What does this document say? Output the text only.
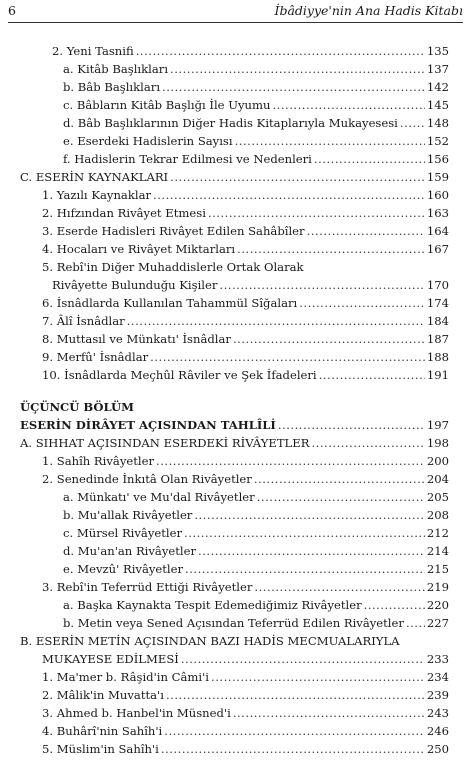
6	İbâdiyye'nin Ana Hadis Kitabı
2. Yeni Tasnifi .....	135
a. Kitâb Başlıkları .....	137
b. Bâb Başlıkları .....	142
c. Bâbların Kitâb Başlığı İle Uyumu .....	145
d. Bâb Başlıklarının Diğer Hadis Kitaplarıyla Mukayesesi ..... 148
e. Eserdeki Hadislerin Sayısı .....	152
f. Hadislerin Tekrar Edilmesi ve Nedenleri .....	156
C. ESERİN KAYNAKLARI .....	159
1. Yazılı Kaynaklar .....	160
2. Hıfzından Rivâyet Etmesi .....	163
3. Eserde Hadisleri Rivâyet Edilen Sahâbîler .....	164
4. Hocaları ve Rivâyet Miktarları .....	167
5. Rebî'in Diğer Muhaddislerle Ortak Olarak
Rivâyette Bulunduğu Kişiler .....	170
6. İsnâdlarda Kullanılan Tahammül Sîğaları .....	174
7. Âlî İsnâdlar .....	184
8. Muttasıl ve Münkatı' İsnâdlar .....	187
9. Merfû' İsnâdlar .....	188
10. İsnâdlarda Meçhûl Râviler ve Şek İfadeleri .....	191
ÜÇÜNCÜ BÖLÜM
ESERİN DİRÂYET AÇISINDAN TAHLÎLİ .....	197
A. SIHHAT AÇISINDAN ESERDEKİ RİVÂYETLER .....	198
1. Sahîh Rivâyetler .....	200
2. Senedinde İnkıtâ Olan Rivâyetler .....	204
a. Münkatı' ve Mu'dal Rivâyetler .....	205
b. Mu'allak Rivâyetler .....	208
c. Mürsel Rivâyetler .....	212
d. Mu'an'an Rivâyetler .....	214
e. Mevzû' Rivâyetler .....	215
3. Rebî'in Teferrüd Ettiği Rivâyetler .....	219
a. Başka Kaynakta Tespit Edemediğimiz Rivâyetler .....	220
b. Metin veya Sened Açısından Teferrüd Edilen Rivâyetler ..... 227
B. ESERİN METİN AÇISINDAN BAZI HADİS MECMUALARIYLA
MUKAYESE EDİLMESİ .....	233
1. Ma'mer b. Râşid'in Câmi'i .....	234
2. Mâlik'in Muvatta'ı .....	239
3. Ahmed b. Hanbel'in Müsned'i .....	243
4. Buhârî'nin Sahîh'i .....	246
5. Müslim'in Sahîh'i .....	250
